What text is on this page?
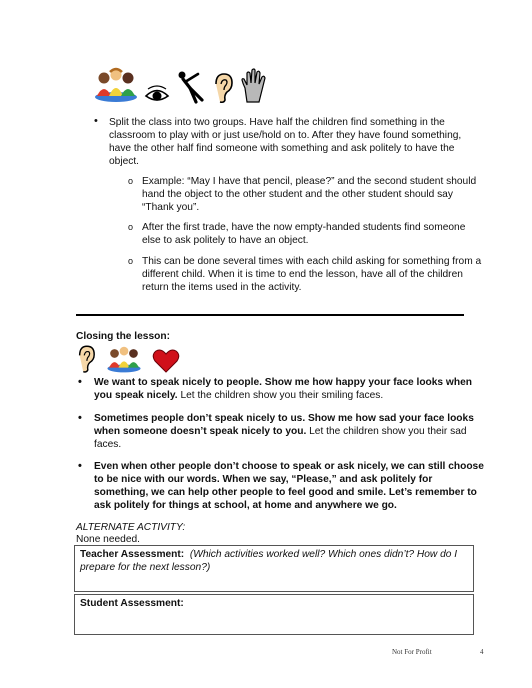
• Split the class into two groups. Have half the children find something in the classroom to play with or just use/hold on to. After they have found something, have the other half find someone with something and ask politely to have the object.
o Example: “May I have that pencil, please?” and the second student should hand the object to the other student and the other student should say “Thank you”.
o After the first trade, have the now empty-handed students find someone else to ask politely to have an object.
o This can be done several times with each child asking for something from a different child. When it is time to end the lesson, have all of the children return the items used in the activity.
Closing the lesson:
• We want to speak nicely to people. Show me how happy your face looks when you speak nicely. Let the children show you their smiling faces.
• Sometimes people don’t speak nicely to us. Show me how sad your face looks when someone doesn’t speak nicely to you. Let the children show you their sad faces.
• Even when other people don’t choose to speak or ask nicely, we can still choose to be nice with our words. When we say, “Please,” and ask politely for something, we can help other people to feel good and smile. Let’s remember to ask politely for things at school, at home and anywhere we go.
ALTERNATE ACTIVITY:
None needed.
Teacher Assessment: (Which activities worked well? Which ones didn’t? How do I prepare for the next lesson?)
Student Assessment:
Not For Profit	4
